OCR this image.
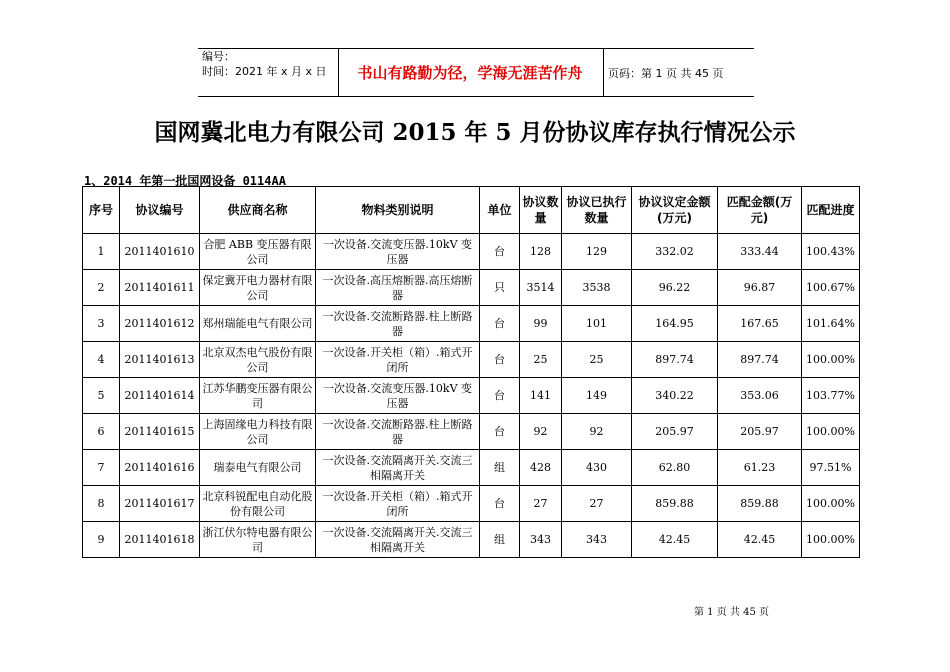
编号：
时间：2021 年 x 月 x 日	书山有路勤为径，学海无涯苦作舟	页码：第 1 页 共 45 页
国网冀北电力有限公司 2015 年 5 月份协议库存执行情况公示
1、2014 年第一批国网设备 0114AA
序号	协议编号	供应商名称	物料类别说明	单位	协议数量	协议已执行数量	协议议定金额(万元)	匹配金额(万元)	匹配进度
1	2011401610	合肥 ABB 变压器有限公司	一次设备.交流变压器.10kV 变压器	台	128	129	332.02	333.44	100.43%
2	2011401611	保定冀开电力器材有限公司	一次设备.高压熔断器.高压熔断器	只	3514	3538	96.22	96.87	100.67%
3	2011401612	郑州瑞能电气有限公司	一次设备.交流断路器.柱上断路器	台	99	101	164.95	167.65	101.64%
4	2011401613	北京双杰电气股份有限公司	一次设备.开关柜（箱）.箱式开闭所	台	25	25	897.74	897.74	100.00%
5	2011401614	江苏华鹏变压器有限公司	一次设备.交流变压器.10kV 变压器	台	141	149	340.22	353.06	103.77%
6	2011401615	上海固缘电力科技有限公司	一次设备.交流断路器.柱上断路器	台	92	92	205.97	205.97	100.00%
7	2011401616	瑞泰电气有限公司	一次设备.交流隔离开关.交流三相隔离开关	组	428	430	62.80	61.23	97.51%
8	2011401617	北京科锐配电自动化股份有限公司	一次设备.开关柜（箱）.箱式开闭所	台	27	27	859.88	859.88	100.00%
9	2011401618	浙江伏尔特电器有限公司	一次设备.交流隔离开关.交流三相隔离开关	组	343	343	42.45	42.45	100.00%
第 1 页 共 45 页
